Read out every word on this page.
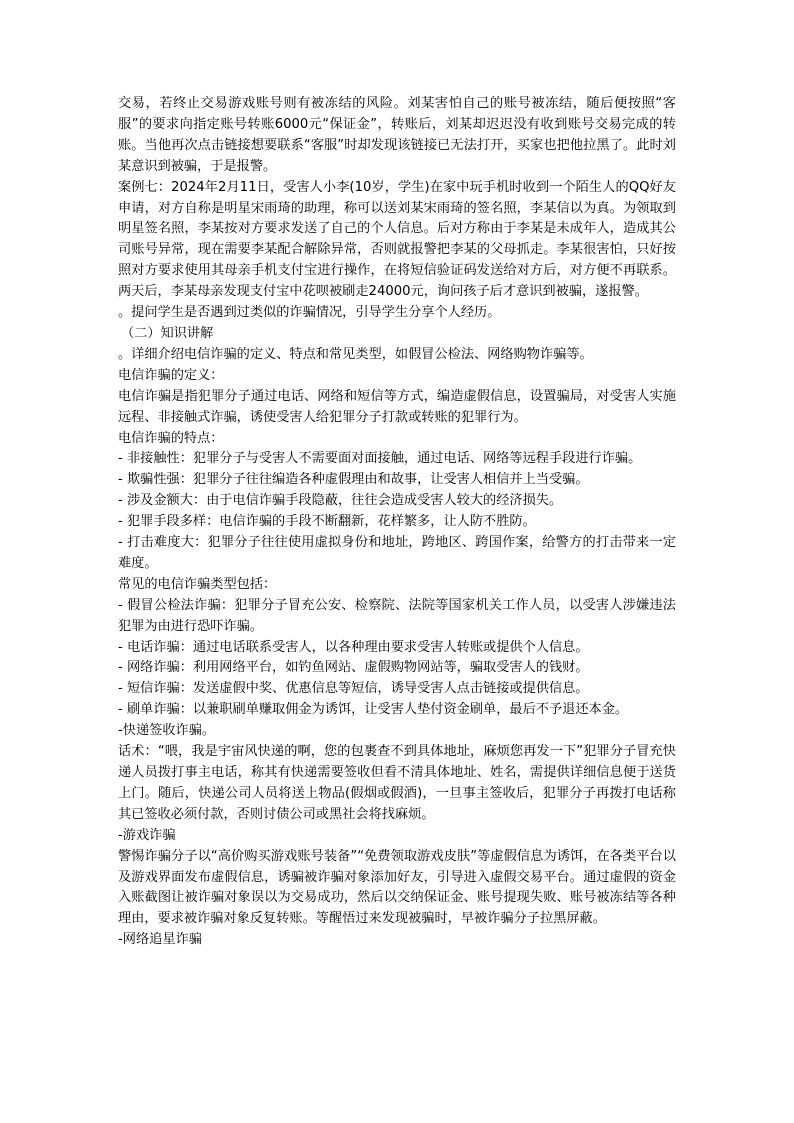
交易，若终止交易游戏账号则有被冻结的风险。刘某害怕自己的账号被冻结，随后便按照“客服”的要求向指定账号转账6000元“保证金”，转账后，刘某却迟迟没有收到账号交易完成的转账。当他再次点击链接想要联系“客服”时却发现该链接已无法打开，买家也把他拉黑了。此时刘某意识到被骗，于是报警。

案例七：2024年2月11日，受害人小李(10岁，学生)在家中玩手机时收到一个陌生人的QQ好友申请，对方自称是明星宋雨琦的助理，称可以送刘某宋雨琦的签名照，李某信以为真。为领取到明星签名照，李某按对方要求发送了自己的个人信息。后对方称由于李某是未成年人，造成其公司账号异常，现在需要李某配合解除异常，否则就报警把李某的父母抓走。李某很害怕，只好按照对方要求使用其母亲手机支付宝进行操作，在将短信验证码发送给对方后，对方便不再联系。两天后，李某母亲发现支付宝中花呗被刷走24000元，询问孩子后才意识到被骗，遂报警。

。提问学生是否遇到过类似的诈骗情况，引导学生分享个人经历。

（二）知识讲解

。详细介绍电信诈骗的定义、特点和常见类型，如假冒公检法、网络购物诈骗等。

电信诈骗的定义：

电信诈骗是指犯罪分子通过电话、网络和短信等方式，编造虚假信息，设置骗局，对受害人实施远程、非接触式诈骗，诱使受害人给犯罪分子打款或转账的犯罪行为。

电信诈骗的特点：

- 非接触性：犯罪分子与受害人不需要面对面接触，通过电话、网络等远程手段进行诈骗。

- 欺骗性强：犯罪分子往往编造各种虚假理由和故事，让受害人相信并上当受骗。

- 涉及金额大：由于电信诈骗手段隐蔽，往往会造成受害人较大的经济损失。

- 犯罪手段多样：电信诈骗的手段不断翻新，花样繁多，让人防不胜防。

- 打击难度大：犯罪分子往往使用虚拟身份和地址，跨地区、跨国作案，给警方的打击带来一定难度。

常见的电信诈骗类型包括：

- 假冒公检法诈骗：犯罪分子冒充公安、检察院、法院等国家机关工作人员，以受害人涉嫌违法犯罪为由进行恐吓诈骗。

- 电话诈骗：通过电话联系受害人，以各种理由要求受害人转账或提供个人信息。

- 网络诈骗：利用网络平台，如钓鱼网站、虚假购物网站等，骗取受害人的钱财。

- 短信诈骗：发送虚假中奖、优惠信息等短信，诱导受害人点击链接或提供信息。

- 刷单诈骗：以兼职刷单赚取佣金为诱饵，让受害人垫付资金刷单，最后不予退还本金。

-快递签收诈骗。

话术：“喂，我是宇宙风快递的啊，您的包裹查不到具体地址，麻烦您再发一下”犯罪分子冒充快递人员拨打事主电话，称其有快递需要签收但看不清具体地址、姓名，需提供详细信息便于送货上门。随后，快递公司人员将送上物品(假烟或假酒)，一旦事主签收后，犯罪分子再拨打电话称其已签收必须付款，否则讨债公司或黑社会将找麻烦。

-游戏诈骗

警惕诈骗分子以“高价购买游戏账号装备”“免费领取游戏皮肤”等虚假信息为诱饵，在各类平台以及游戏界面发布虚假信息，诱骗被诈骗对象添加好友，引导进入虚假交易平台。通过虚假的资金入账截图让被诈骗对象误以为交易成功，然后以交纳保证金、账号提现失败、账号被冻结等各种理由，要求被诈骗对象反复转账。等醒悟过来发现被骗时，早被诈骗分子拉黑屏蔽。

-网络追星诈骗
